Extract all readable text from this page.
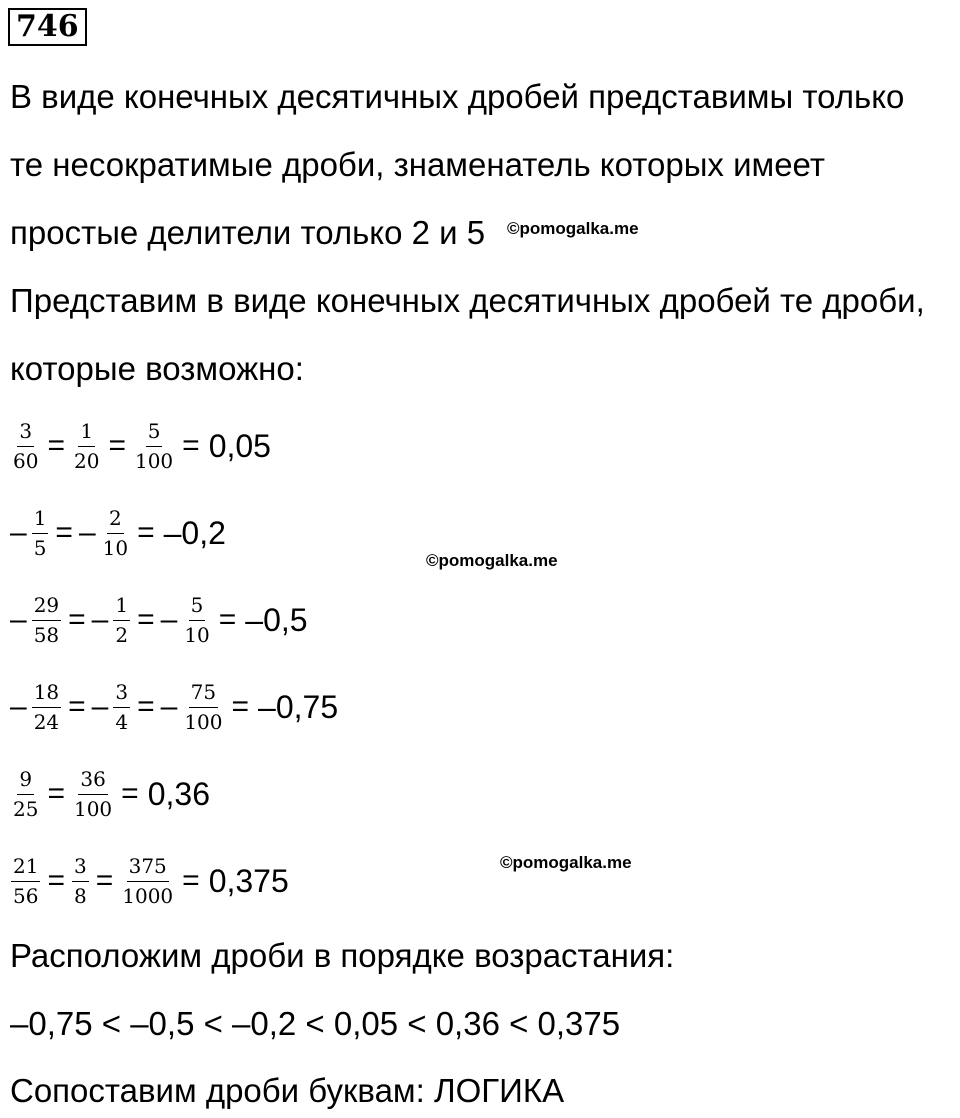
746
В виде конечных десятичных дробей представимы только
те несократимые дроби, знаменатель которых имеет
простые делители только 2 и 5 ©pomogalka.me
Представим в виде конечных десятичных дробей те дроби,
которые возможно:
$\frac{3}{60} = \frac{1}{20} = \frac{5}{100} = 0,05$
– $\frac{1}{5}$ = – $\frac{2}{10} = -0,2$
©pomogalka.me
– $\frac{29}{58}$ = – $\frac{1}{2}$ = – $\frac{5}{10} = -0,5$
– $\frac{18}{24}$ = – $\frac{3}{4}$ = – $\frac{75}{100} = -0,75$
$\frac{9}{25} = \frac{36}{100} = 0,36$
$\frac{21}{56} = \frac{3}{8} = \frac{375}{1000} = 0,375$	©pomogalka.me
Расположим дроби в порядке возрастания:
–0,75 < –0,5 < –0,2 < 0,05 < 0,36 < 0,375
Сопоставим дроби буквам: ЛОГИКА
